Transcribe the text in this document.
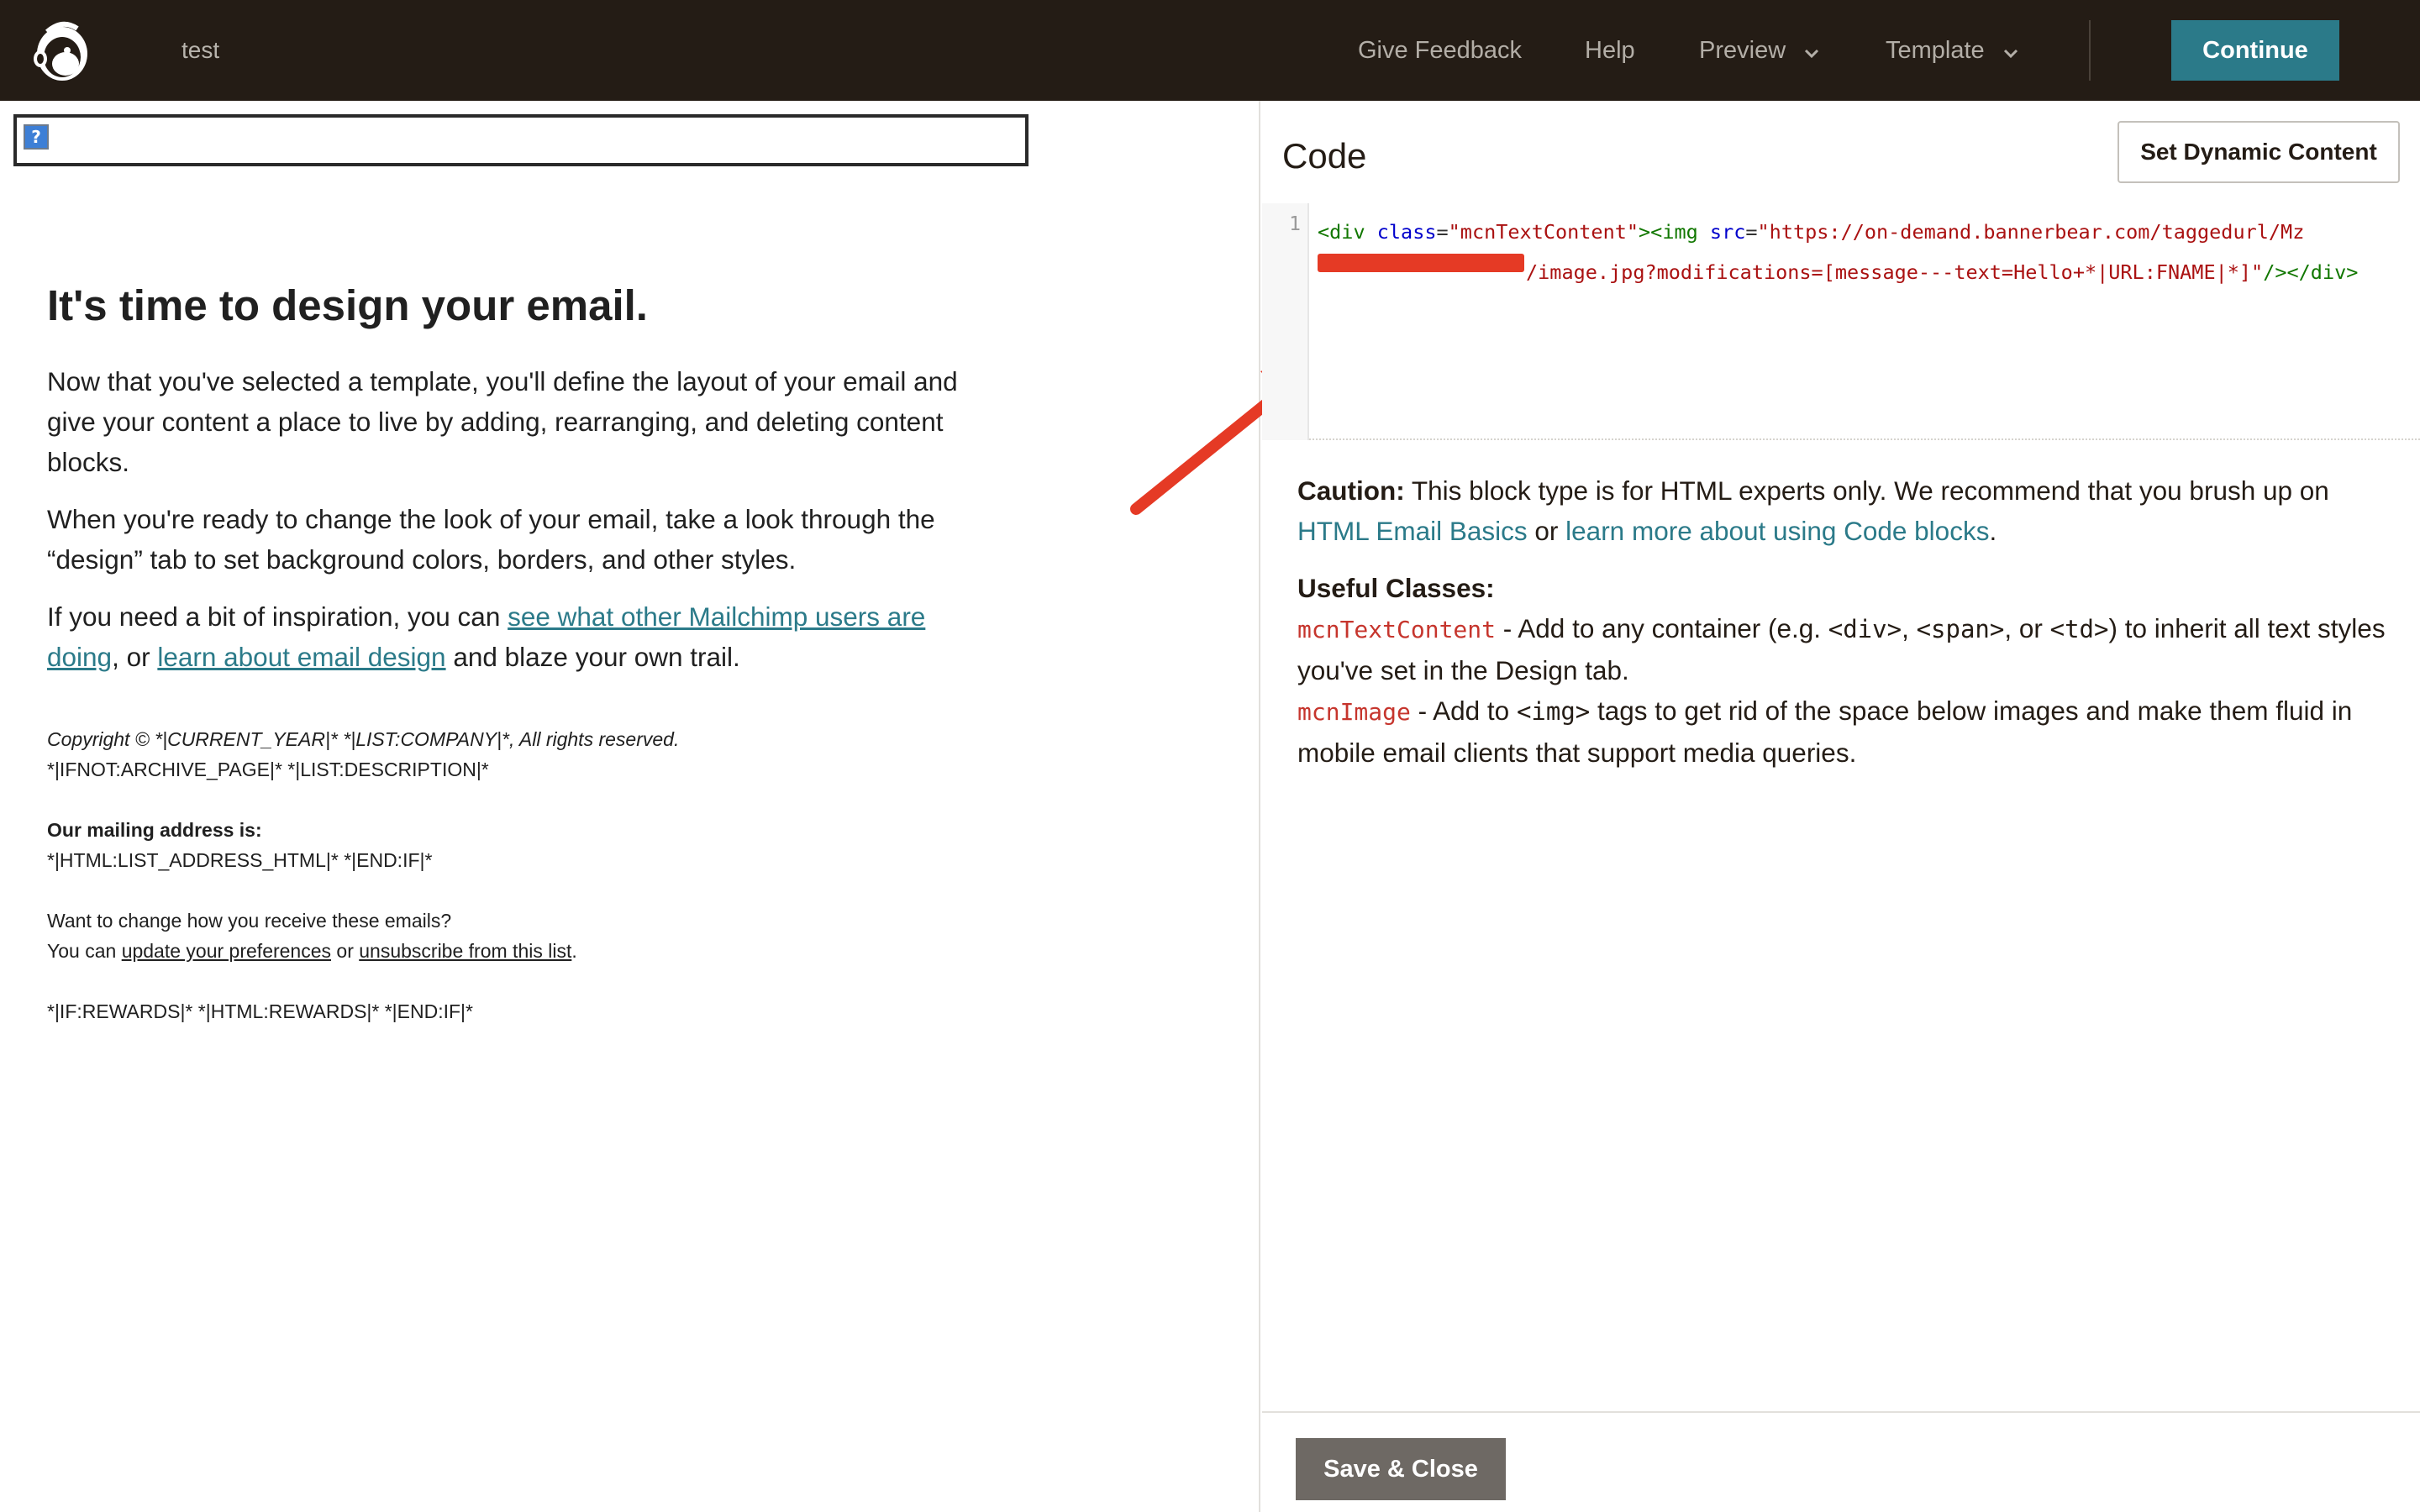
test	Give Feedback	Help	Preview	Template	Continue
?
It's time to design your email.

Now that you've selected a template, you'll define the layout of your email and give your content a place to live by adding, rearranging, and deleting content blocks.

When you're ready to change the look of your email, take a look through the “design” tab to set background colors, borders, and other styles.

If you need a bit of inspiration, you can see what other Mailchimp users are doing, or learn about email design and blaze your own trail.

Copyright © *|CURRENT_YEAR|* *|LIST:COMPANY|*, All rights reserved.
*|IFNOT:ARCHIVE_PAGE|* *|LIST:DESCRIPTION|*
Our mailing address is:
*|HTML:LIST_ADDRESS_HTML|* *|END:IF|*
Want to change how you receive these emails?
You can update your preferences or unsubscribe from this list.
*|IF:REWARDS|* *|HTML:REWARDS|* *|END:IF|*
Code	Set Dynamic Content
1 <div class="mcnTextContent"><img src="https://on-demand.bannerbear.com/taggedurl/Mz/image.jpg?modifications=[message---text=Hello+*|URL:FNAME|*]"/></div>

Caution: This block type is for HTML experts only. We recommend that you brush up on HTML Email Basics or learn more about using Code blocks.

Useful Classes:

mcnTextContent - Add to any container (e.g. <div>, <span>, or <td>) to inherit all text styles you've set in the Design tab.

mcnImage - Add to <img> tags to get rid of the space below images and make them fluid in mobile email clients that support media queries.

Save & Close
